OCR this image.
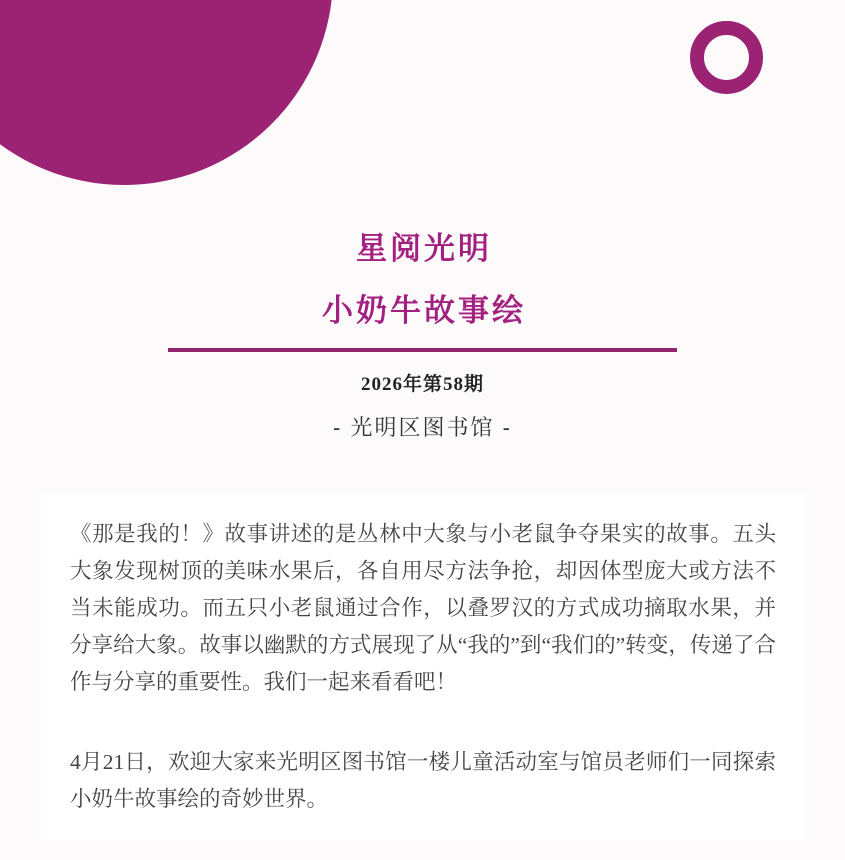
星阅光明
小奶牛故事绘
2026年第58期
- 光明区图书馆 -

《那是我的！》故事讲述的是丛林中大象与小老鼠争夺果实的故事。五头大象发现树顶的美味水果后，各自用尽方法争抢，却因体型庞大或方法不当未能成功。而五只小老鼠通过合作，以叠罗汉的方式成功摘取水果，并分享给大象。故事以幽默的方式展现了从“我的”到“我们的”转变，传递了合作与分享的重要性。我们一起来看看吧！

4月21日，欢迎大家来光明区图书馆一楼儿童活动室与馆员老师们一同探索小奶牛故事绘的奇妙世界。
